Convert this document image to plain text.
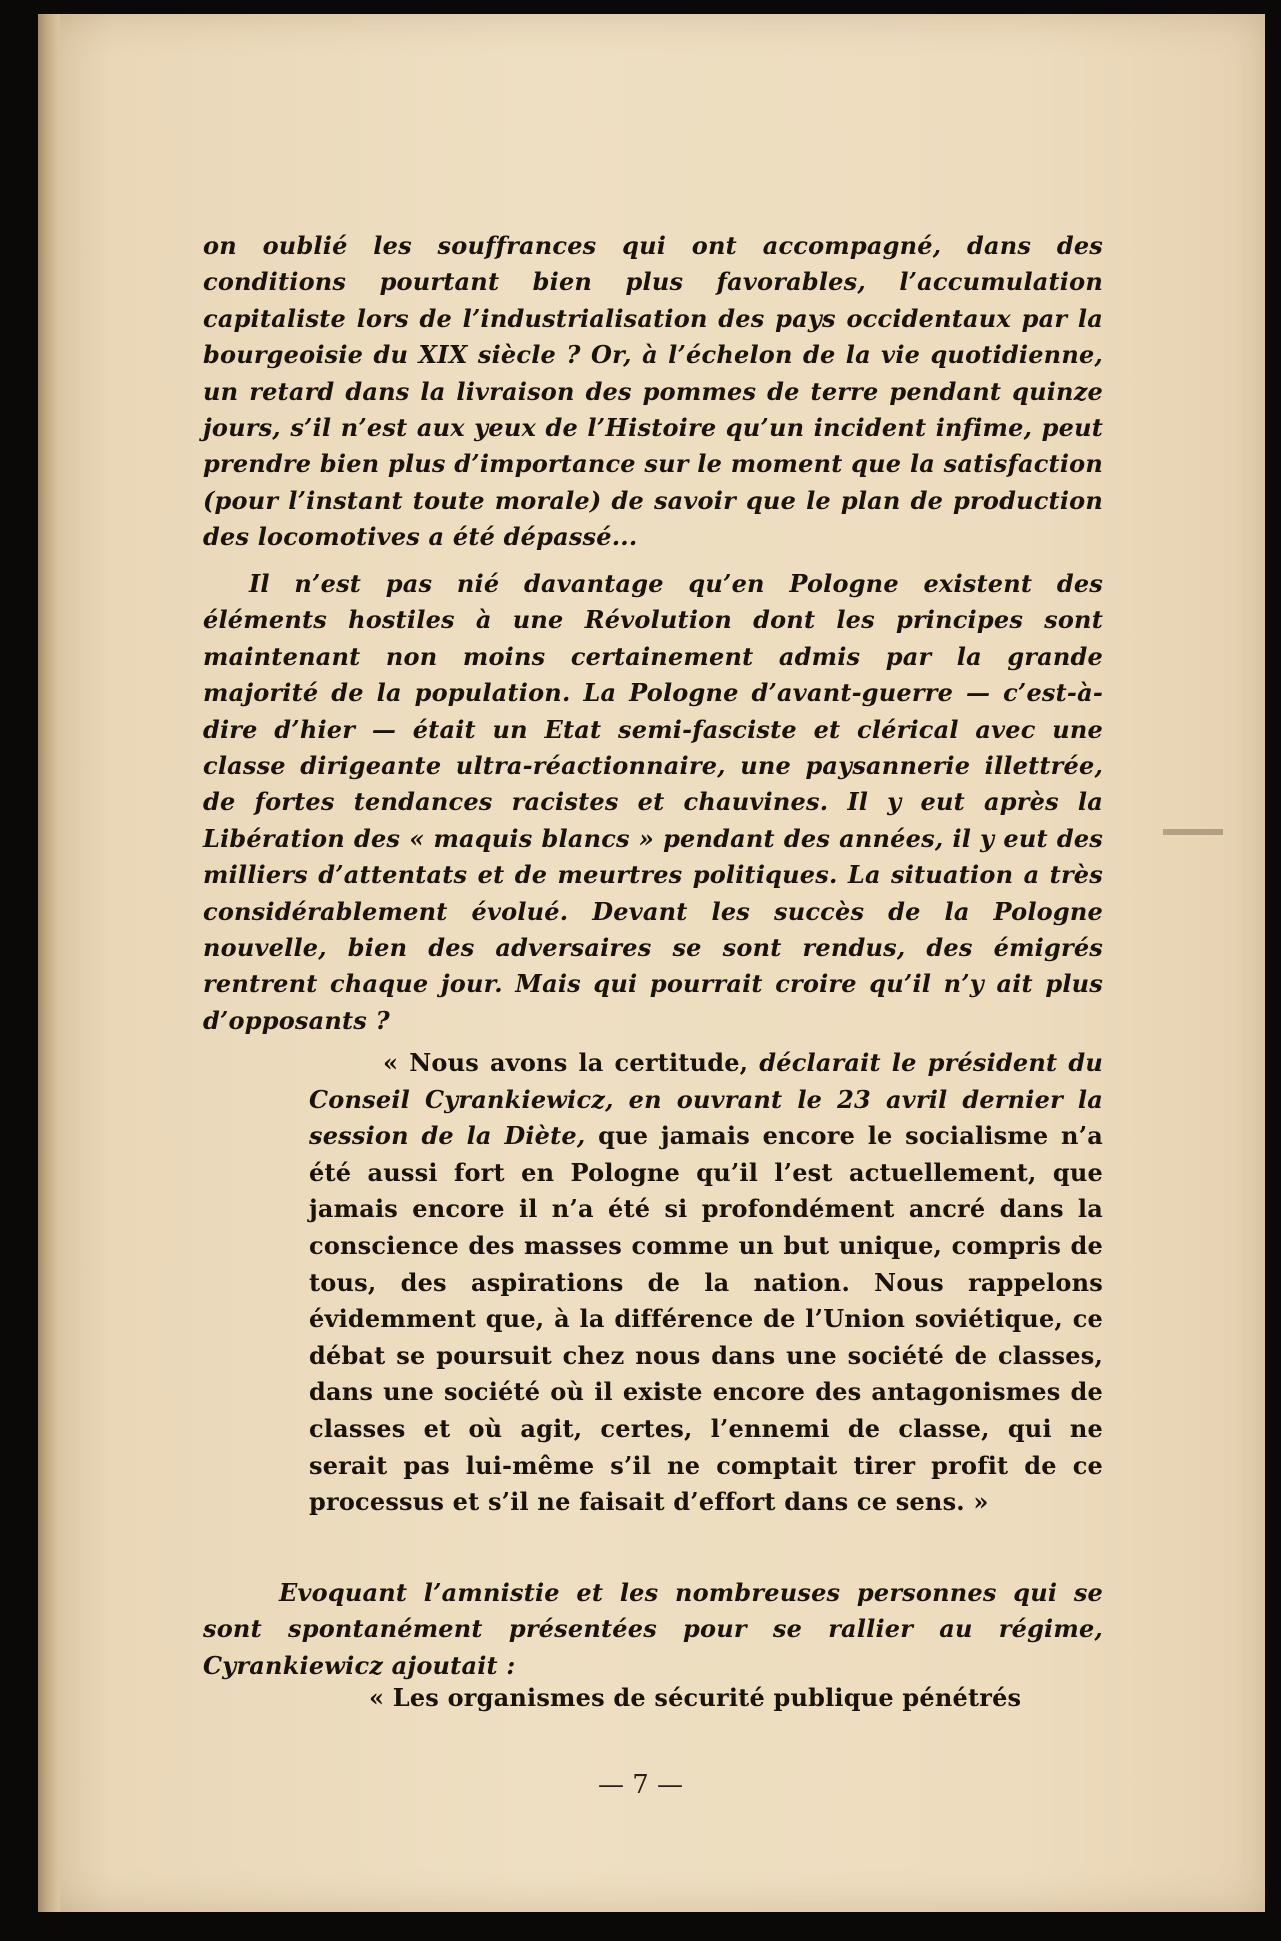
on oublié les souffrances qui ont accompagné, dans des conditions pourtant bien plus favorables, l’accumulation capitaliste lors de l’industrialisation des pays occidentaux par la bourgeoisie du XIX siècle ? Or, à l’échelon de la vie quotidienne, un retard dans la livraison des pommes de terre pendant quinze jours, s’il n’est aux yeux de l’Histoire qu’un incident infime, peut prendre bien plus d’importance sur le moment que la satisfaction (pour l’instant toute morale) de savoir que le plan de production des locomotives a été dépassé...

Il n’est pas nié davantage qu’en Pologne existent des éléments hostiles à une Révolution dont les principes sont maintenant non moins certainement admis par la grande majorité de la population. La Pologne d’avant-guerre — c’est-à-dire d’hier — était un Etat semi-fasciste et clérical avec une classe dirigeante ultra-réactionnaire, une paysannerie illettrée, de fortes tendances racistes et chauvines. Il y eut après la Libération des « maquis blancs » pendant des années, il y eut des milliers d’attentats et de meurtres politiques. La situation a très considérablement évolué. Devant les succès de la Pologne nouvelle, bien des adversaires se sont rendus, des émigrés rentrent chaque jour. Mais qui pourrait croire qu’il n’y ait plus d’opposants ?

« Nous avons la certitude, déclarait le président du Conseil Cyrankiewicz, en ouvrant le 23 avril dernier la session de la Diète, que jamais encore le socialisme n’a été aussi fort en Pologne qu’il l’est actuellement, que jamais encore il n’a été si profondément ancré dans la conscience des masses comme un but unique, compris de tous, des aspirations de la nation. Nous rappelons évidemment que, à la différence de l’Union soviétique, ce débat se poursuit chez nous dans une société de classes, dans une société où il existe encore des antagonismes de classes et où agit, certes, l’ennemi de classe, qui ne serait pas lui-même s’il ne comptait tirer profit de ce processus et s’il ne faisait d’effort dans ce sens. »

Evoquant l’amnistie et les nombreuses personnes qui se sont spontanément présentées pour se rallier au régime, Cyrankiewicz ajoutait :

« Les organismes de sécurité publique pénétrés

— 7 —
